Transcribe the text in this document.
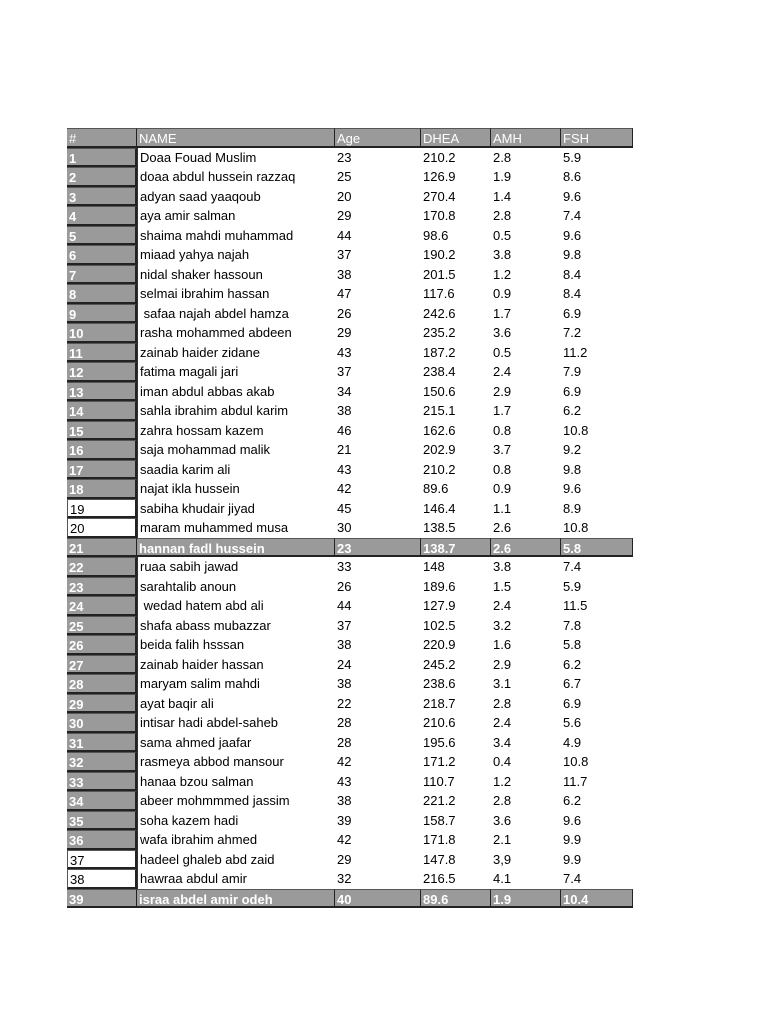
#	NAME	Age	DHEA	AMH	FSH
1	Doaa Fouad Muslim	23	210.2	2.8	5.9
2	doaa abdul hussein razzaq	25	126.9	1.9	8.6
3	adyan saad yaaqoub	20	270.4	1.4	9.6
4	aya amir salman	29	170.8	2.8	7.4
5	shaima mahdi muhammad	44	98.6	0.5	9.6
6	miaad yahya najah	37	190.2	3.8	9.8
7	nidal shaker hassoun	38	201.5	1.2	8.4
8	selmai ibrahim hassan	47	117.6	0.9	8.4
9	safaa najah abdel hamza	26	242.6	1.7	6.9
10	rasha mohammed abdeen	29	235.2	3.6	7.2
11	zainab haider zidane	43	187.2	0.5	11.2
12	fatima magali jari	37	238.4	2.4	7.9
13	iman abdul abbas akab	34	150.6	2.9	6.9
14	sahla ibrahim abdul karim	38	215.1	1.7	6.2
15	zahra hossam kazem	46	162.6	0.8	10.8
16	saja mohammad malik	21	202.9	3.7	9.2
17	saadia karim ali	43	210.2	0.8	9.8
18	najat ikla hussein	42	89.6	0.9	9.6
19	sabiha khudair jiyad	45	146.4	1.1	8.9
20	maram muhammed musa	30	138.5	2.6	10.8
21	hannan fadl hussein	23	138.7	2.6	5.8
22	ruaa sabih jawad	33	148	3.8	7.4
23	sarahtalib anoun	26	189.6	1.5	5.9
24	wedad hatem abd ali	44	127.9	2.4	11.5
25	shafa abass mubazzar	37	102.5	3.2	7.8
26	beida falih hsssan	38	220.9	1.6	5.8
27	zainab haider hassan	24	245.2	2.9	6.2
28	maryam salim mahdi	38	238.6	3.1	6.7
29	ayat baqir ali	22	218.7	2.8	6.9
30	intisar hadi abdel-saheb	28	210.6	2.4	5.6
31	sama ahmed jaafar	28	195.6	3.4	4.9
32	rasmeya abbod mansour	42	171.2	0.4	10.8
33	hanaa bzou salman	43	110.7	1.2	11.7
34	abeer mohmmmed jassim	38	221.2	2.8	6.2
35	soha kazem hadi	39	158.7	3.6	9.6
36	wafa ibrahim ahmed	42	171.8	2.1	9.9
37	hadeel ghaleb abd zaid	29	147.8	3,9	9.9
38	hawraa abdul amir	32	216.5	4.1	7.4
39	israa abdel amir odeh	40	89.6	1.9	10.4
